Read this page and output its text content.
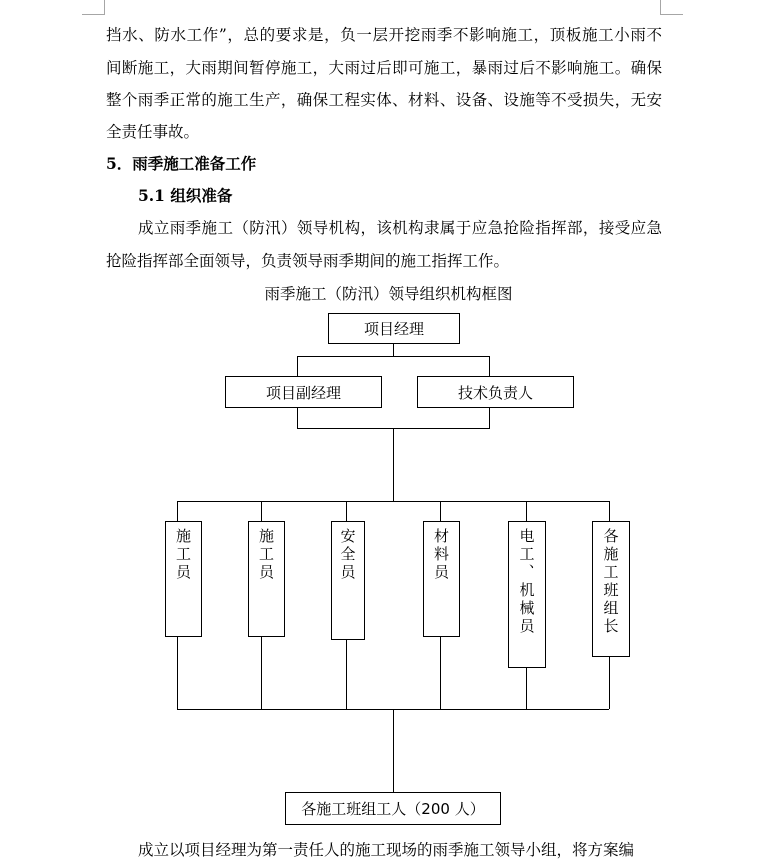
挡水、防水工作”，总的要求是，负一层开挖雨季不影响施工，顶板施工小雨不
间断施工，大雨期间暂停施工，大雨过后即可施工，暴雨过后不影响施工。确保
整个雨季正常的施工生产，确保工程实体、材料、设备、设施等不受损失，无安
全责任事故。
5．雨季施工准备工作
5.1 组织准备
成立雨季施工（防汛）领导机构，该机构隶属于应急抢险指挥部，接受应急
抢险指挥部全面领导，负责领导雨季期间的施工指挥工作。
雨季施工（防汛）领导组织机构框图
项目经理
项目副经理	技术负责人
施工员	施工员	安全员	材料员	电工、机械员	各施工班组长
各施工班组工人（200 人）
成立以项目经理为第一责任人的施工现场的雨季施工领导小组，将方案编
